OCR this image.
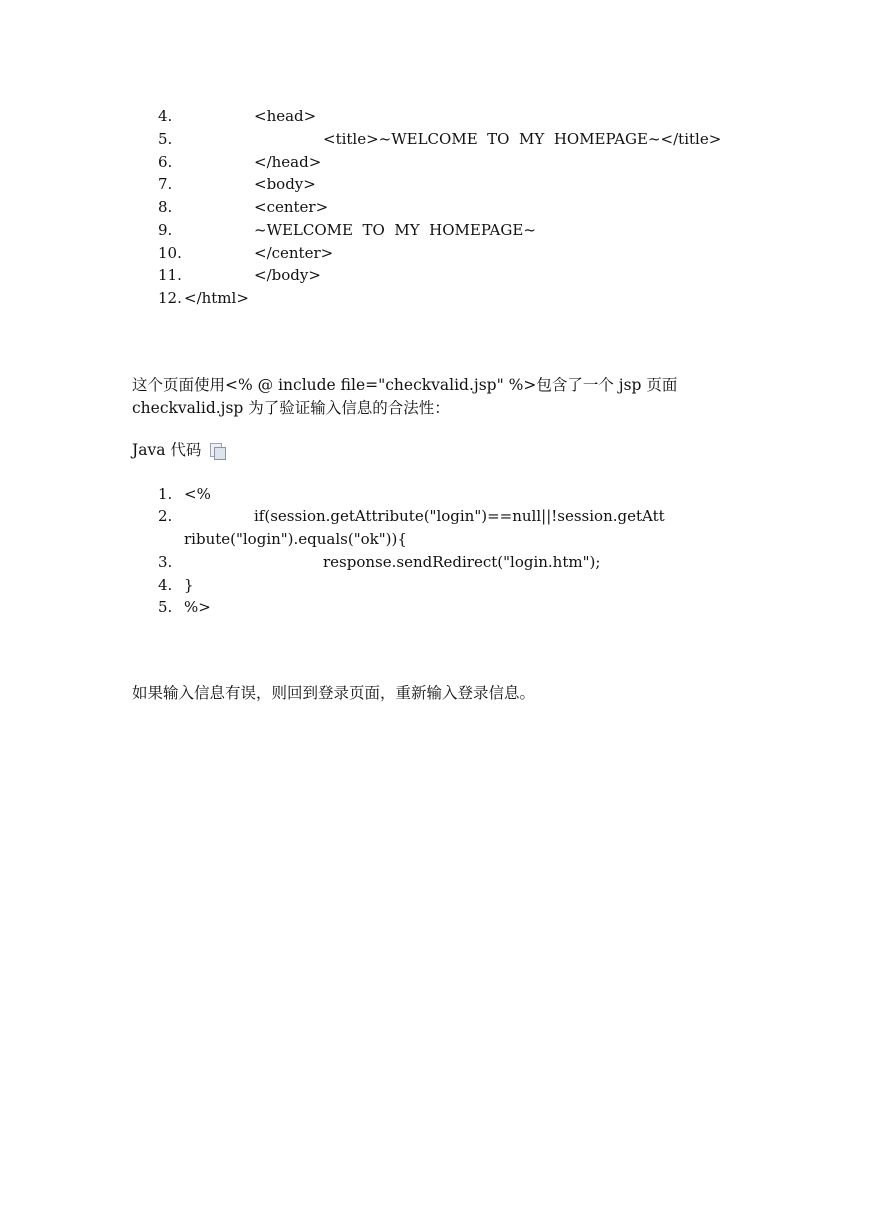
4.	<head>
5.	<title>~WELCOME  TO  MY  HOMEPAGE~</title>
6.	</head>
7.	<body>
8.	<center>
9.	~WELCOME  TO  MY  HOMEPAGE~
10.	</center>
11.	</body>
12. </html>
这个页面使用<% @ include file="checkvalid.jsp" %>包含了一个 jsp 页面
checkvalid.jsp 为了验证输入信息的合法性：
Java 代码
1. <%
2.	if(session.getAttribute("login")==null||!session.getAtt
ribute("login").equals("ok")){
3.	response.sendRedirect("login.htm");
4. }
5. %>
如果输入信息有误，则回到登录页面，重新输入登录信息。
